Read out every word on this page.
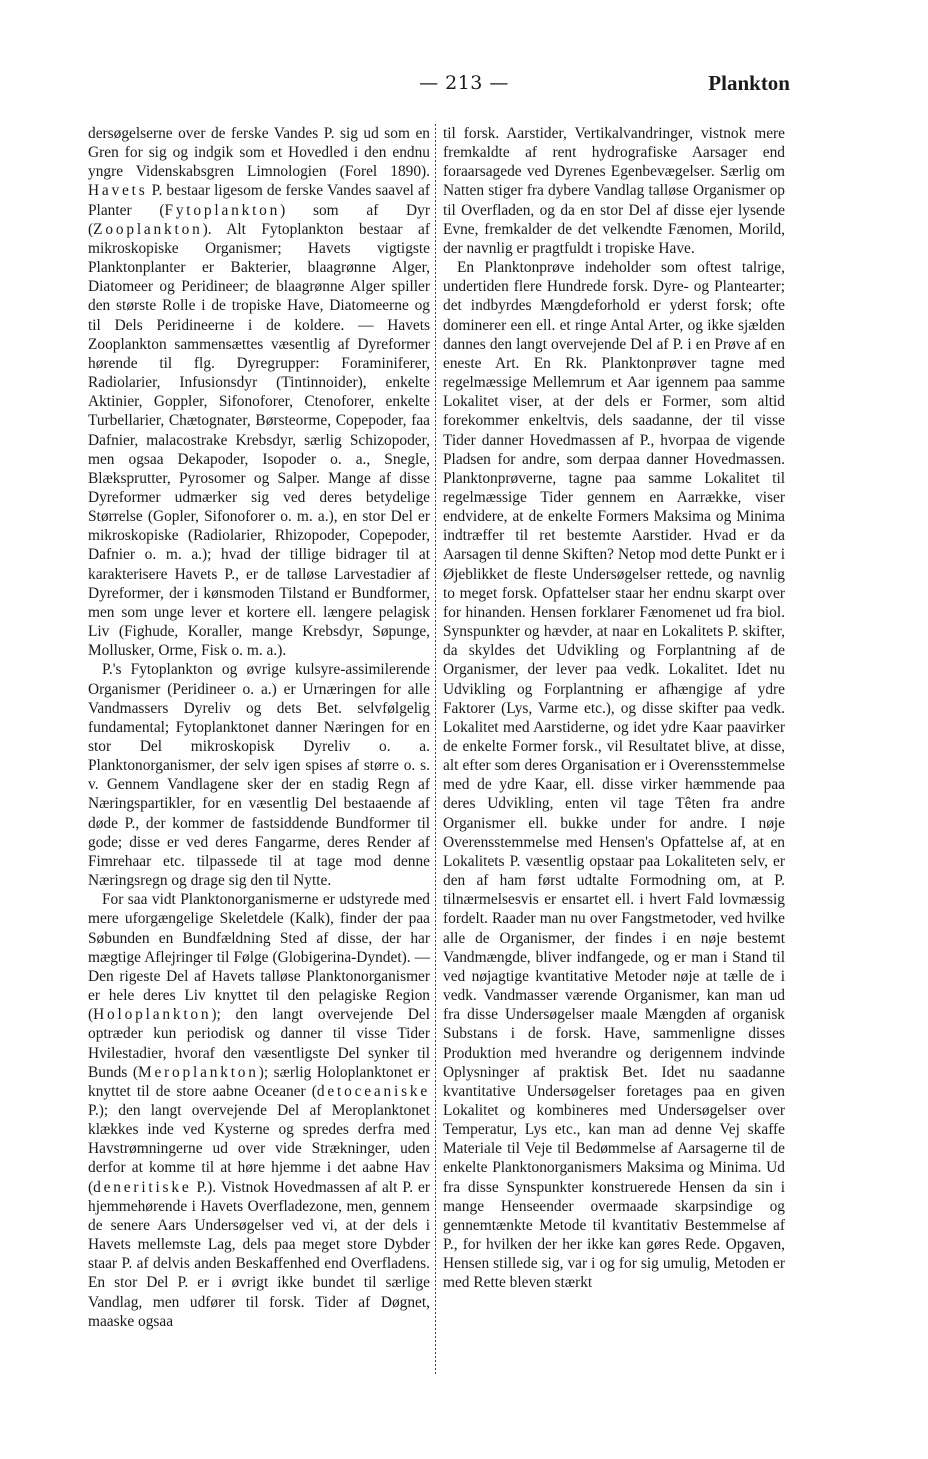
— 213 —	Plankton

dersøgelserne over de ferske Vandes P. sig ud som en Gren for sig og indgik som et Hovedled i den endnu yngre Videnskabsgren Limnologien (Forel 1890). Havets P. bestaar ligesom de ferske Vandes saavel af Planter (Fytoplankton) som af Dyr (Zooplankton). Alt Fytoplankton bestaar af mikroskopiske Organismer; Havets vigtigste Planktonplanter er Bakterier, blaagrønne Alger, Diatomeer og Peridineer; de blaagrønne Alger spiller den største Rolle i de tropiske Have, Diatomeerne og til Dels Peridineerne i de koldere. — Havets Zooplankton sammensættes væsentlig af Dyreformer hørende til flg. Dyregrupper: Foraminiferer, Radiolarier, Infusionsdyr (Tintinnoider), enkelte Aktinier, Goppler, Sifonoforer, Ctenoforer, enkelte Turbellarier, Chætognater, Børsteorme, Copepoder, faa Dafnier, malacostrake Krebsdyr, særlig Schizopoder, men ogsaa Dekapoder, Isopoder o. a., Snegle, Blæksprutter, Pyrosomer og Salper. Mange af disse Dyreformer udmærker sig ved deres betydelige Størrelse (Gopler, Sifonoforer o. m. a.), en stor Del er mikroskopiske (Radiolarier, Rhizopoder, Copepoder, Dafnier o. m. a.); hvad der tillige bidrager til at karakterisere Havets P., er de talløse Larvestadier af Dyreformer, der i kønsmoden Tilstand er Bundformer, men som unge lever et kortere ell. længere pelagisk Liv (Fighude, Koraller, mange Krebsdyr, Søpunge, Mollusker, Orme, Fisk o. m. a.).

P.'s Fytoplankton og øvrige kulsyre-assimilerende Organismer (Peridineer o. a.) er Urnæringen for alle Vandmassers Dyreliv og dets Bet. selvfølgelig fundamental; Fytoplanktonet danner Næringen for en stor Del mikroskopisk Dyreliv o. a. Planktonorganismer, der selv igen spises af større o. s. v. Gennem Vandlagene sker der en stadig Regn af Næringspartikler, for en væsentlig Del bestaaende af døde P., der kommer de fastsiddende Bundformer til gode; disse er ved deres Fangarme, deres Render af Fimrehaar etc. tilpassede til at tage mod denne Næringsregn og drage sig den til Nytte.

For saa vidt Planktonorganismerne er udstyrede med mere uforgængelige Skeletdele (Kalk), finder der paa Søbunden en Bundfældning Sted af disse, der har mægtige Aflejringer til Følge (Globigerina-Dyndet). — Den rigeste Del af Havets talløse Planktonorganismer er hele deres Liv knyttet til den pelagiske Region (Holoplankton); den langt overvejende Del optræder kun periodisk og danner til visse Tider Hvilestadier, hvoraf den væsentligste Del synker til Bunds (Meroplankton); særlig Holoplanktonet er knyttet til de store aabne Oceaner (detoceaniske P.); den langt overvejende Del af Meroplanktonet klækkes inde ved Kysterne og spredes derfra med Havstrømningerne ud over vide Strækninger, uden derfor at komme til at høre hjemme i det aabne Hav (deneritiske P.). Vistnok Hovedmassen af alt P. er hjemmehørende i Havets Overfladezone, men, gennem de senere Aars Undersøgelser ved vi, at der dels i Havets mellemste Lag, dels paa meget store Dybder staar P. af delvis anden Beskaffenhed end Overfladens. En stor Del P. er i øvrigt ikke bundet til særlige Vandlag, men udfører til forsk. Tider af Døgnet, maaske ogsaa

til forsk. Aarstider, Vertikalvandringer, vistnok mere fremkaldte af rent hydrografiske Aarsager end foraarsagede ved Dyrenes Egenbevægelser. Særlig om Natten stiger fra dybere Vandlag talløse Organismer op til Overfladen, og da en stor Del af disse ejer lysende Evne, fremkalder de det velkendte Fænomen, Morild, der navnlig er pragtfuldt i tropiske Have.

En Planktonprøve indeholder som oftest talrige, undertiden flere Hundrede forsk. Dyre- og Plantearter; det indbyrdes Mængdeforhold er yderst forsk; ofte dominerer een ell. et ringe Antal Arter, og ikke sjælden dannes den langt overvejende Del af P. i en Prøve af en eneste Art. En Rk. Planktonprøver tagne med regelmæssige Mellemrum et Aar igennem paa samme Lokalitet viser, at der dels er Former, som altid forekommer enkeltvis, dels saadanne, der til visse Tider danner Hovedmassen af P., hvorpaa de vigende Pladsen for andre, som derpaa danner Hovedmassen. Planktonprøverne, tagne paa samme Lokalitet til regelmæssige Tider gennem en Aarrække, viser endvidere, at de enkelte Formers Maksima og Minima indtræffer til ret bestemte Aarstider. Hvad er da Aarsagen til denne Skiften? Netop mod dette Punkt er i Øjeblikket de fleste Undersøgelser rettede, og navnlig to meget forsk. Opfattelser staar her endnu skarpt over for hinanden. Hensen forklarer Fænomenet ud fra biol. Synspunkter og hævder, at naar en Lokalitets P. skifter, da skyldes det Udvikling og Forplantning af de Organismer, der lever paa vedk. Lokalitet. Idet nu Udvikling og Forplantning er afhængige af ydre Faktorer (Lys, Varme etc.), og disse skifter paa vedk. Lokalitet med Aarstiderne, og idet ydre Kaar paavirker de enkelte Former forsk., vil Resultatet blive, at disse, alt efter som deres Organisation er i Overensstemmelse med de ydre Kaar, ell. disse virker hæmmende paa deres Udvikling, enten vil tage Têten fra andre Organismer ell. bukke under for andre. I nøje Overensstemmelse med Hensen's Opfattelse af, at en Lokalitets P. væsentlig opstaar paa Lokaliteten selv, er den af ham først udtalte Formodning om, at P. tilnærmelsesvis er ensartet ell. i hvert Fald lovmæssig fordelt. Raader man nu over Fangstmetoder, ved hvilke alle de Organismer, der findes i en nøje bestemt Vandmængde, bliver indfangede, og er man i Stand til ved nøjagtige kvantitative Metoder nøje at tælle de i vedk. Vandmasser værende Organismer, kan man ud fra disse Undersøgelser maale Mængden af organisk Substans i de forsk. Have, sammenligne disses Produktion med hverandre og derigennem indvinde Oplysninger af praktisk Bet. Idet nu saadanne kvantitative Undersøgelser foretages paa en given Lokalitet og kombineres med Undersøgelser over Temperatur, Lys etc., kan man ad denne Vej skaffe Materiale til Veje til Bedømmelse af Aarsagerne til de enkelte Planktonorganismers Maksima og Minima. Ud fra disse Synspunkter konstruerede Hensen da sin i mange Henseender overmaade skarpsindige og gennemtænkte Metode til kvantitativ Bestemmelse af P., for hvilken der her ikke kan gøres Rede. Opgaven, Hensen stillede sig, var i og for sig umulig, Metoden er med Rette bleven stærkt
